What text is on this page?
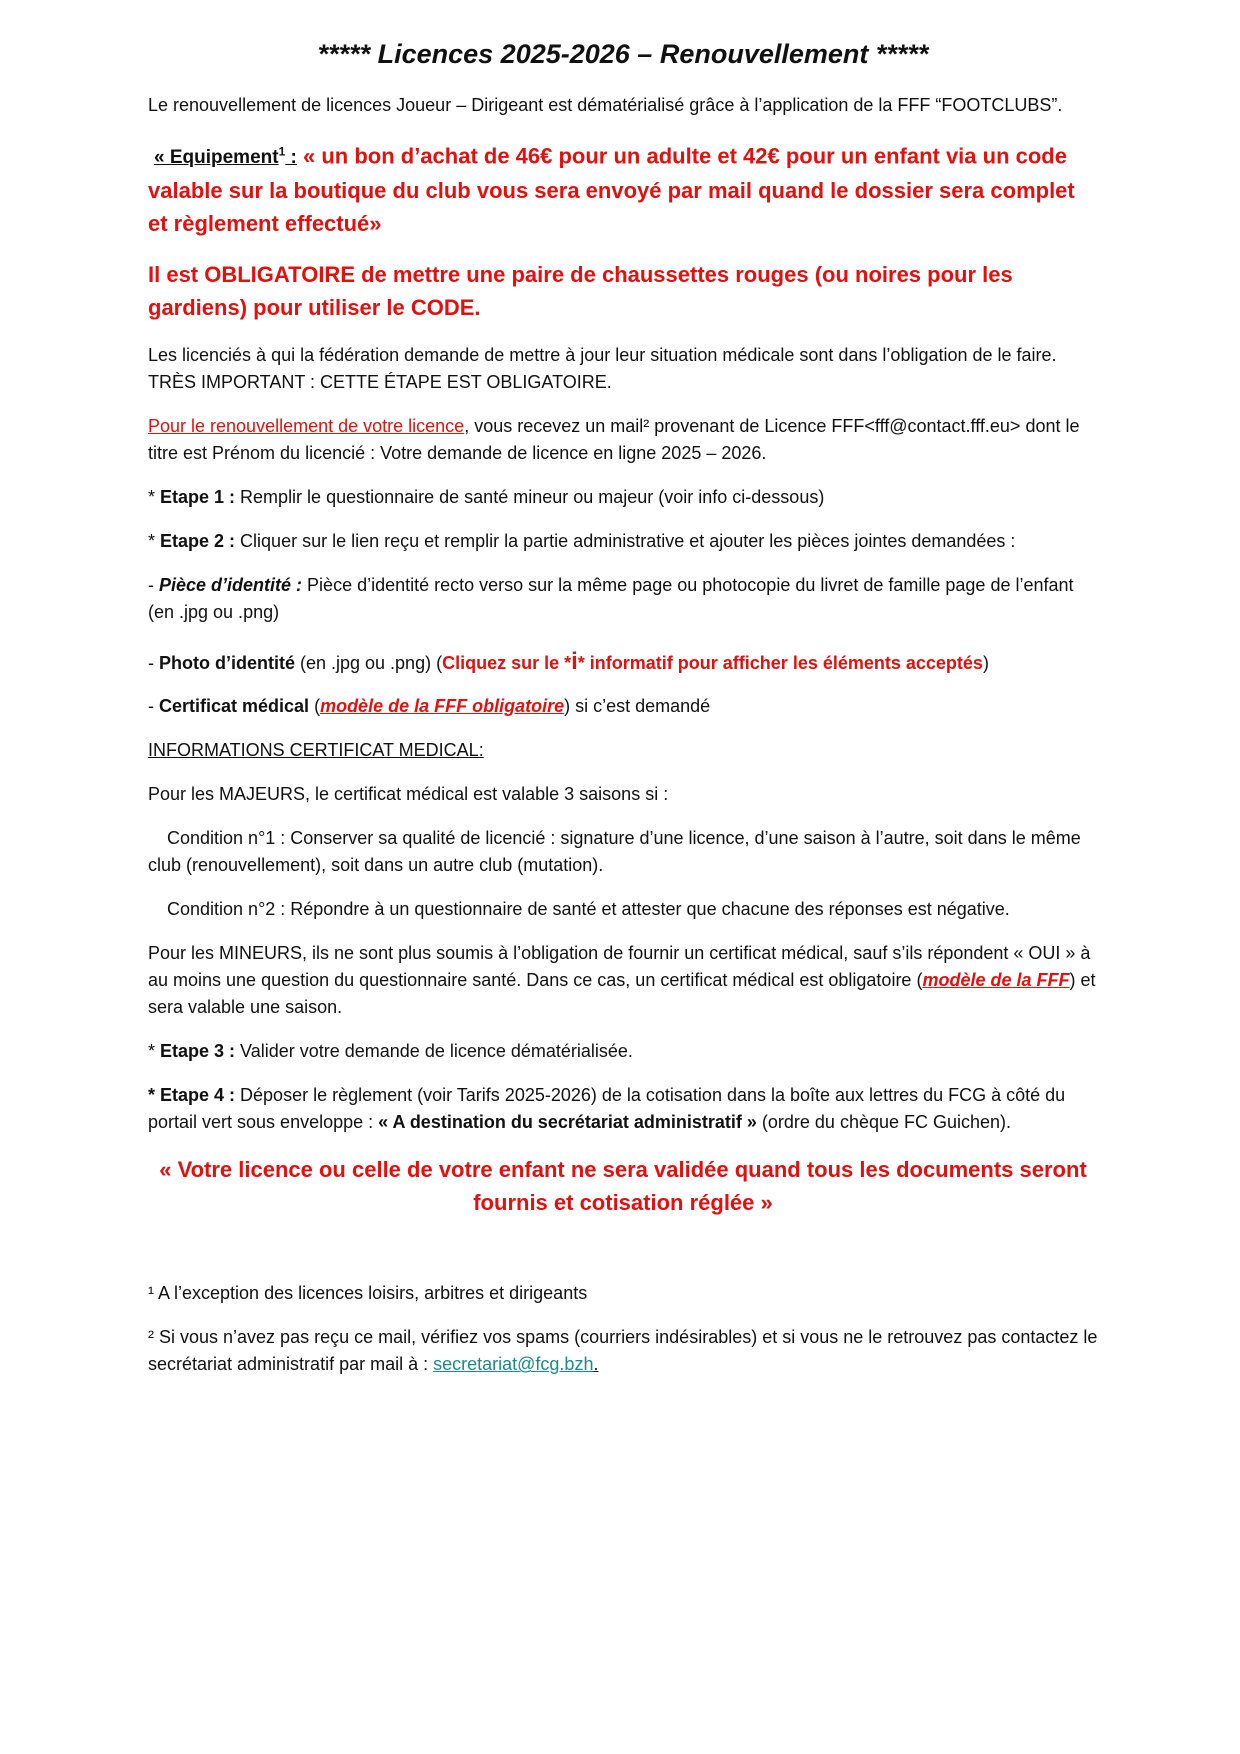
***** Licences 2025-2026 – Renouvellement *****

Le renouvellement de licences Joueur – Dirigeant est dématérialisé grâce à l’application de la FFF “FOOTCLUBS”.

« Equipement$^1$ : « un bon d’achat de 46€ pour un adulte et 42€ pour un enfant via un code valable sur la boutique du club vous sera envoyé par mail quand le dossier sera complet et règlement effectué»

Il est OBLIGATOIRE de mettre une paire de chaussettes rouges (ou noires pour les gardiens) pour utiliser le CODE.

Les licenciés à qui la fédération demande de mettre à jour leur situation médicale sont dans l’obligation de le faire. TRÈS IMPORTANT : CETTE ÉTAPE EST OBLIGATOIRE.

Pour le renouvellement de votre licence, vous recevez un mail² provenant de Licence FFF<fff@contact.fff.eu> dont le titre est Prénom du licencié : Votre demande de licence en ligne 2025 – 2026.

* Etape 1 : Remplir le questionnaire de santé mineur ou majeur (voir info ci-dessous)

* Etape 2 : Cliquer sur le lien reçu et remplir la partie administrative et ajouter les pièces jointes demandées :

- Pièce d’identité : Pièce d’identité recto verso sur la même page ou photocopie du livret de famille page de l’enfant (en .jpg ou .png)

- Photo d’identité (en .jpg ou .png) (Cliquez sur le *i* informatif pour afficher les éléments acceptés)

- Certificat médical (modèle de la FFF obligatoire) si c’est demandé

INFORMATIONS CERTIFICAT MEDICAL:

Pour les MAJEURS, le certificat médical est valable 3 saisons si :

Condition n°1 : Conserver sa qualité de licencié : signature d’une licence, d’une saison à l’autre, soit dans le même club (renouvellement), soit dans un autre club (mutation).

Condition n°2 : Répondre à un questionnaire de santé et attester que chacune des réponses est négative.

Pour les MINEURS, ils ne sont plus soumis à l’obligation de fournir un certificat médical, sauf s’ils répondent « OUI » à au moins une question du questionnaire santé. Dans ce cas, un certificat médical est obligatoire (modèle de la FFF) et sera valable une saison.

* Etape 3 : Valider votre demande de licence dématérialisée.

* Etape 4 : Déposer le règlement (voir Tarifs 2025-2026) de la cotisation dans la boîte aux lettres du FCG à côté du portail vert sous enveloppe : « A destination du secrétariat administratif » (ordre du chèque FC Guichen).

« Votre licence ou celle de votre enfant ne sera validée quand tous les documents seront fournis et cotisation réglée »

¹ A l’exception des licences loisirs, arbitres et dirigeants

² Si vous n’avez pas reçu ce mail, vérifiez vos spams (courriers indésirables) et si vous ne le retrouvez pas contactez le secrétariat administratif par mail à : secretariat@fcg.bzh.
